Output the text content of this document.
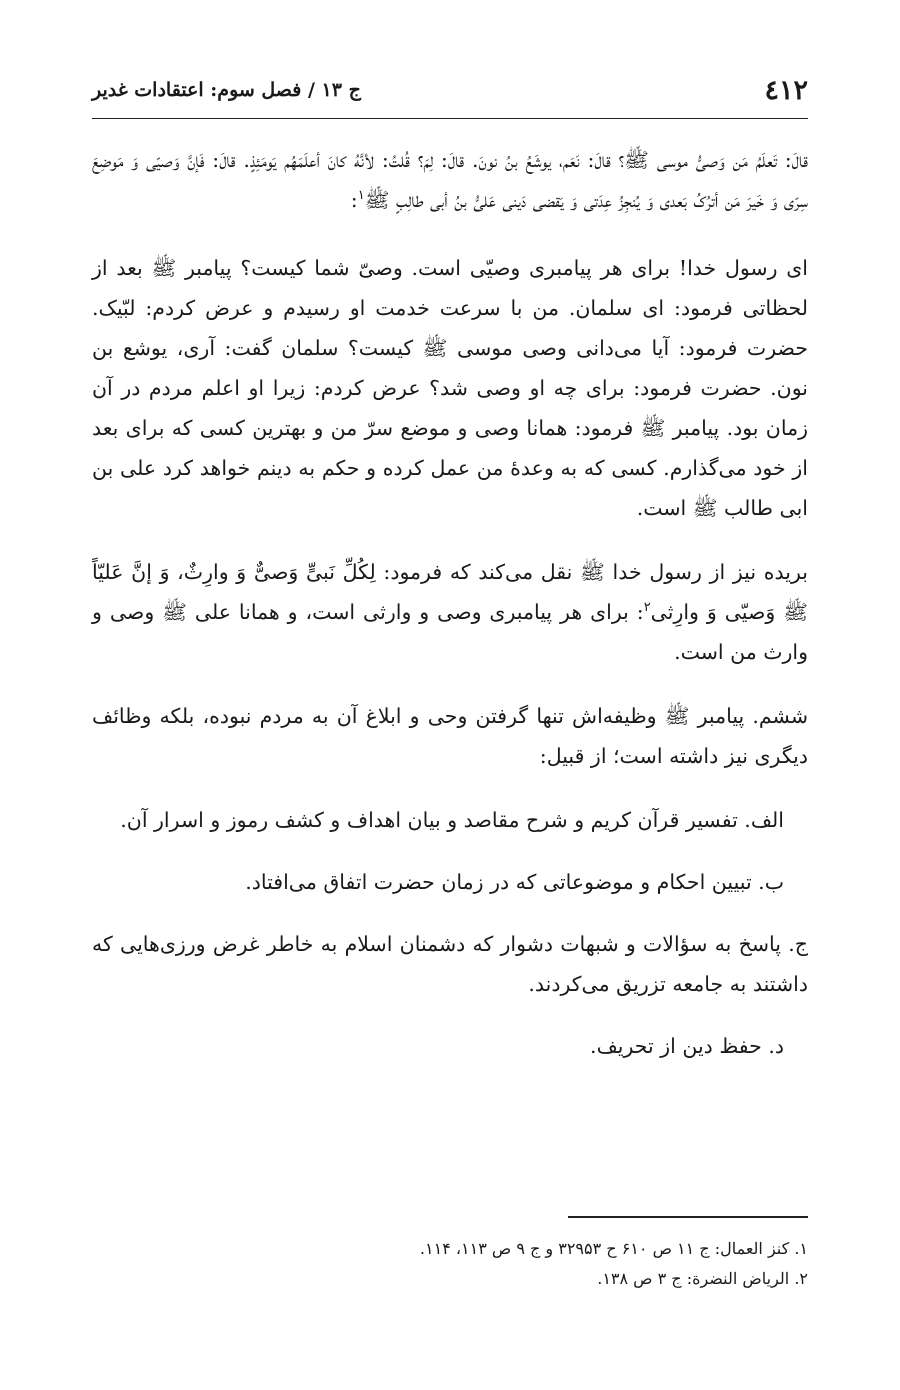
٤١٢
ج ۱۳ / فصل سوم: اعتقادات غدیر

قالَ: تَعلَمُ مَن وَصیُّ موسی ﷺ؟ قالَ: نَعَم، یوشَعُ بنُ نونَ. قالَ: لِمَ؟ قُلتُ: لأنَّهُ کانَ أعلَمَهُم یَومَئِذٍ. قالَ: فَإنَّ وَصیّی وَ مَوضِعَ سِرّی وَ خَیرَ مَن أترُکُ بَعدی وَ یُنجِزُ عِدَتی وَ یَقضی دَینی عَلیُّ بنُ أبی طالِبٍ ﷺ$^۱$:

ای رسول خدا! برای هر پیامبری وصیّی است. وصیّ شما کیست؟ پیامبر ﷺ بعد از لحظاتی فرمود: ای سلمان. من با سرعت خدمت او رسیدم و عرض کردم: لبّیک. حضرت فرمود: آیا می‌دانی وصی موسی ﷺ کیست؟ سلمان گفت: آری، یوشع بن نون. حضرت فرمود: برای چه او وصی شد؟ عرض کردم: زیرا او اعلم مردم در آن زمان بود. پیامبر ﷺ فرمود: همانا وصی و موضع سرّ من و بهترین کسی که برای بعد از خود می‌گذارم. کسی که به وعدهٔ من عمل کرده و حکم به دینم خواهد کرد علی بن ابی طالب ﷺ است.

بریده نیز از رسول خدا ﷺ نقل می‌کند که فرمود: لِکُلِّ نَبیٍّ وَصیٌّ وَ وارِثٌ، وَ إنَّ عَلیّاً ﷺ وَصیّی وَ وارِثی$^۲$: برای هر پیامبری وصی و وارثی است، و همانا علی ﷺ وصی و وارث من است.

ششم. پیامبر ﷺ وظیفه‌اش تنها گرفتن وحی و ابلاغ آن به مردم نبوده، بلکه وظائف دیگری نیز داشته است؛ از قبیل:

الف. تفسیر قرآن کریم و شرح مقاصد و بیان اهداف و کشف رموز و اسرار آن.

ب. تبیین احکام و موضوعاتی که در زمان حضرت اتفاق می‌افتاد.

ج. پاسخ به سؤالات و شبهات دشوار که دشمنان اسلام به خاطر غرض ورزی‌هایی که داشتند به جامعه تزریق می‌کردند.

د. حفظ دین از تحریف.

۱. کنز العمال: ج ۱۱ ص ۶۱۰ ح ۳۲۹۵۳ و ج ۹ ص ۱۱۳، ۱۱۴.

۲. الریاض النضرة: ج ۳ ص ۱۳۸.
